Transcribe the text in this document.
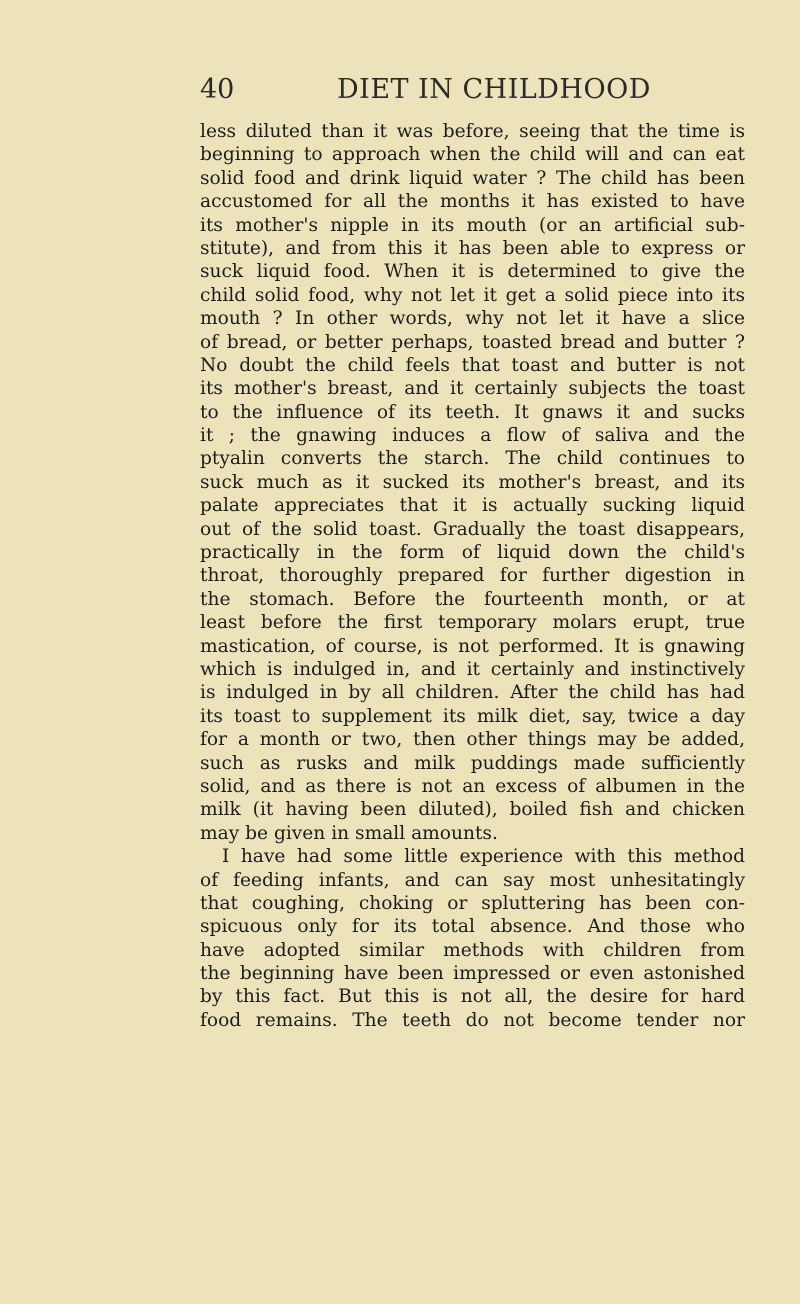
40	DIET IN CHILDHOOD
less diluted than it was before, seeing that the time is
beginning to approach when the child will and can eat
solid food and drink liquid water ? The child has been
accustomed for all the months it has existed to have
its mother's nipple in its mouth (or an artificial sub-
stitute), and from this it has been able to express or
suck liquid food. When it is determined to give the
child solid food, why not let it get a solid piece into its
mouth ? In other words, why not let it have a slice
of bread, or better perhaps, toasted bread and butter ?
No doubt the child feels that toast and butter is not
its mother's breast, and it certainly subjects the toast
to the influence of its teeth. It gnaws it and sucks
it ; the gnawing induces a flow of saliva and the
ptyalin converts the starch. The child continues to
suck much as it sucked its mother's breast, and its
palate appreciates that it is actually sucking liquid
out of the solid toast. Gradually the toast disappears,
practically in the form of liquid down the child's
throat, thoroughly prepared for further digestion in
the stomach. Before the fourteenth month, or at
least before the first temporary molars erupt, true
mastication, of course, is not performed. It is gnawing
which is indulged in, and it certainly and instinctively
is indulged in by all children. After the child has had
its toast to supplement its milk diet, say, twice a day
for a month or two, then other things may be added,
such as rusks and milk puddings made sufficiently
solid, and as there is not an excess of albumen in the
milk (it having been diluted), boiled fish and chicken
may be given in small amounts.
I have had some little experience with this method
of feeding infants, and can say most unhesitatingly
that coughing, choking or spluttering has been con-
spicuous only for its total absence. And those who
have adopted similar methods with children from
the beginning have been impressed or even astonished
by this fact. But this is not all, the desire for hard
food remains. The teeth do not become tender nor
